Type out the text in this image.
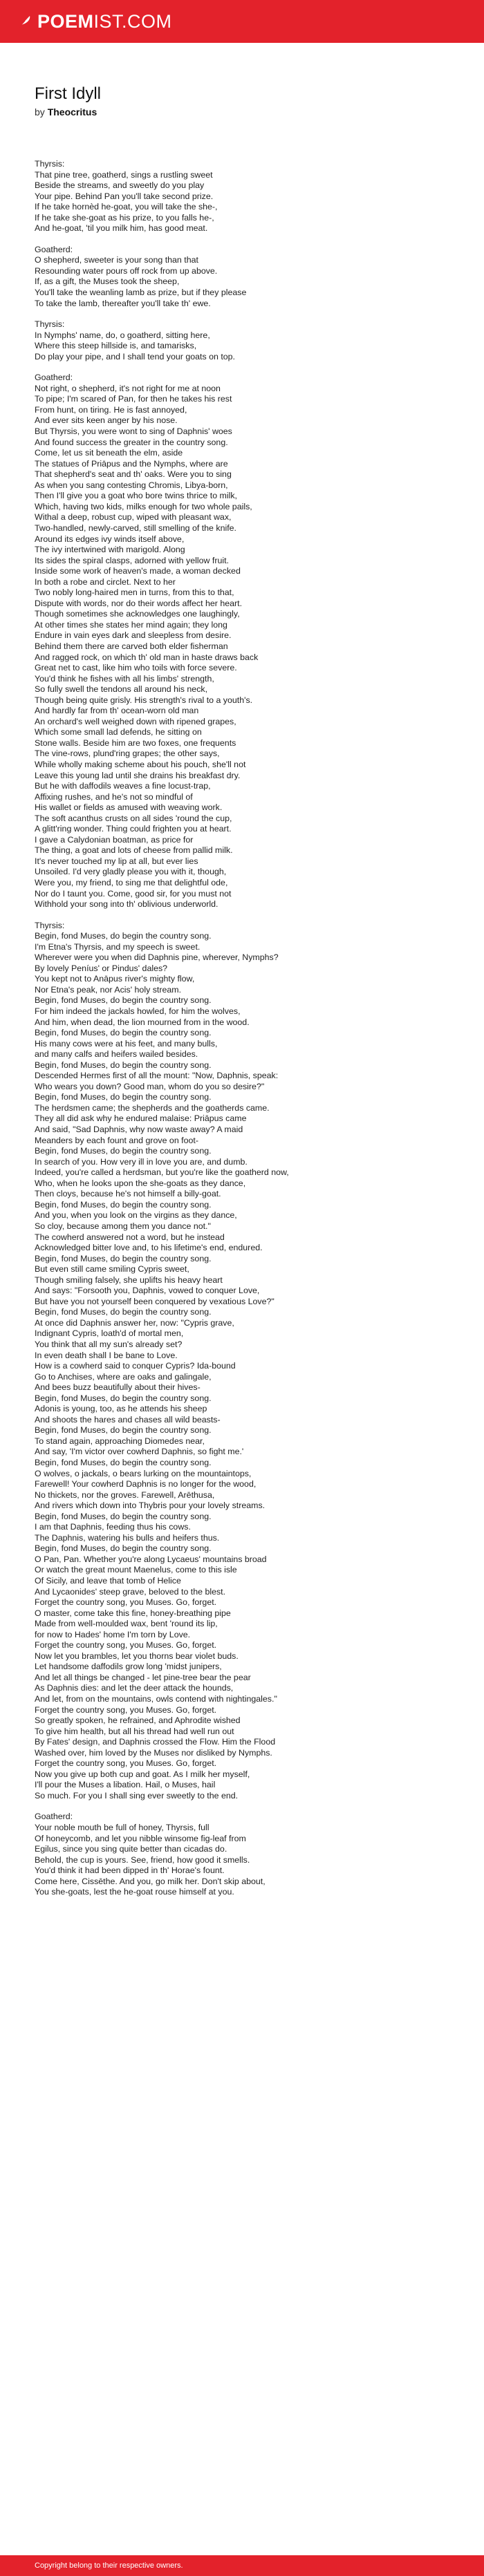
POEMIST.COM
First Idyll
by Theocritus
Thyrsis:
That pine tree, goatherd, sings a rustling sweet
Beside the streams, and sweetly do you play
Your pipe. Behind Pan you'll take second prize.
If he take hornèd he-goat, you will take the she-,
If he take she-goat as his prize, to you falls he-,
And he-goat, 'til you milk him, has good meat.
Goatherd:
O shepherd, sweeter is your song than that
Resounding water pours off rock from up above.
If, as a gift, the Muses took the sheep,
You'll take the weanling lamb as prize, but if they please
To take the lamb, thereafter you'll take th' ewe.
Thyrsis:
In Nymphs' name, do, o goatherd, sitting here,
Where this steep hillside is, and tamarisks,
Do play your pipe, and I shall tend your goats on top.
Goatherd:
Not right, o shepherd, it's not right for me at noon
To pipe; I'm scared of Pan, for then he takes his rest
From hunt, on tiring. He is fast annoyed,
And ever sits keen anger by his nose.
But Thyrsis, you were wont to sing of Daphnis' woes
And found success the greater in the country song.
Come, let us sit beneath the elm, aside
The statues of Priāpus and the Nymphs, where are
That shepherd's seat and th' oaks. Were you to sing
As when you sang contesting Chromis, Libya-born,
Then I'll give you a goat who bore twins thrice to milk,
Which, having two kids, milks enough for two whole pails,
Withal a deep, robust cup, wiped with pleasant wax,
Two-handled, newly-carved, still smelling of the knife.
Around its edges ivy winds itself above,
The ivy intertwined with marigold. Along
Its sides the spiral clasps, adorned with yellow fruit.
Inside some work of heaven's made, a woman decked
In both a robe and circlet. Next to her
Two nobly long-haired men in turns, from this to that,
Dispute with words, nor do their words affect her heart.
Though sometimes she acknowledges one laughingly,
At other times she states her mind again; they long
Endure in vain eyes dark and sleepless from desire.
Behind them there are carved both elder fisherman
And ragged rock, on which th' old man in haste draws back
Great net to cast, like him who toils with force severe.
You'd think he fishes with all his limbs' strength,
So fully swell the tendons all around his neck,
Though being quite grisly. His strength's rival to a youth's.
And hardly far from th' ocean-worn old man
An orchard's well weighed down with ripened grapes,
Which some small lad defends, he sitting on
Stone walls. Beside him are two foxes, one frequents
The vine-rows, plund'ring grapes; the other says,
While wholly making scheme about his pouch, she'll not
Leave this young lad until she drains his breakfast dry.
But he with daffodils weaves a fine locust-trap,
Affixing rushes, and he's not so mindful of
His wallet or fields as amused with weaving work.
The soft acanthus crusts on all sides 'round the cup,
A glitt'ring wonder. Thing could frighten you at heart.
I gave a Calydonian boatman, as price for
The thing, a goat and lots of cheese from pallid milk.
It's never touched my lip at all, but ever lies
Unsoiled. I'd very gladly please you with it, though,
Were you, my friend, to sing me that delightful ode,
Nor do I taunt you. Come, good sir, for you must not
Withhold your song into th' oblivious underworld.
Thyrsis:
Begin, fond Muses, do begin the country song.
I'm Etna's Thyrsis, and my speech is sweet.
Wherever were you when did Daphnis pine, wherever, Nymphs?
By lovely Peníus' or Pindus' dales?
You kept not to Anāpus river's mighty flow,
Nor Etna's peak, nor Acis' holy stream.
Begin, fond Muses, do begin the country song.
For him indeed the jackals howled, for him the wolves,
And him, when dead, the lion mourned from in the wood.
Begin, fond Muses, do begin the country song.
His many cows were at his feet, and many bulls,
and many calfs and heifers wailed besides.
Begin, fond Muses, do begin the country song.
Descended Hermes first of all the mount: "Now, Daphnis, speak:
Who wears you down? Good man, whom do you so desire?"
Begin, fond Muses, do begin the country song.
The herdsmen came; the shepherds and the goatherds came.
They all did ask why he endured malaise: Priāpus came
And said, "Sad Daphnis, why now waste away? A maid
Meanders by each fount and grove on foot-
Begin, fond Muses, do begin the country song.
In search of you. How very ill in love you are, and dumb.
Indeed, you're called a herdsman, but you're like the goatherd now,
Who, when he looks upon the she-goats as they dance,
Then cloys, because he's not himself a billy-goat.
Begin, fond Muses, do begin the country song.
And you, when you look on the virgins as they dance,
So cloy, because among them you dance not."
The cowherd answered not a word, but he instead
Acknowledged bitter love and, to his lifetime's end, endured.
Begin, fond Muses, do begin the country song.
But even still came smiling Cypris sweet,
Though smiling falsely, she uplifts his heavy heart
And says: "Forsooth you, Daphnis, vowed to conquer Love,
But have you not yourself been conquered by vexatious Love?"
Begin, fond Muses, do begin the country song.
At once did Daphnis answer her, now: "Cypris grave,
Indignant Cypris, loath'd of mortal men,
You think that all my sun's already set?
In even death shall I be bane to Love.
How is a cowherd said to conquer Cypris? Ida-bound
Go to Anchises, where are oaks and galingale,
And bees buzz beautifully about their hives-
Begin, fond Muses, do begin the country song.
Adonis is young, too, as he attends his sheep
And shoots the hares and chases all wild beasts-
Begin, fond Muses, do begin the country song.
To stand again, approaching Diomedes near,
And say, 'I'm victor over cowherd Daphnis, so fight me.'
Begin, fond Muses, do begin the country song.
O wolves, o jackals, o bears lurking on the mountaintops,
Farewell! Your cowherd Daphnis is no longer for the wood,
No thickets, nor the groves. Farewell, Arēthusa,
And rivers which down into Thybris pour your lovely streams.
Begin, fond Muses, do begin the country song.
I am that Daphnis, feeding thus his cows.
The Daphnis, watering his bulls and heifers thus.
Begin, fond Muses, do begin the country song.
O Pan, Pan. Whether you're along Lycaeus' mountains broad
Or watch the great mount Maenelus, come to this isle
Of Sicily, and leave that tomb of Helice
And Lycaonides' steep grave, beloved to the blest.
Forget the country song, you Muses. Go, forget.
O master, come take this fine, honey-breathing pipe
Made from well-moulded wax, bent 'round its lip,
for now to Hades' home I'm torn by Love.
Forget the country song, you Muses. Go, forget.
Now let you brambles, let you thorns bear violet buds.
Let handsome daffodils grow long 'midst junipers,
And let all things be changed - let pine-tree bear the pear
As Daphnis dies: and let the deer attack the hounds,
And let, from on the mountains, owls contend with nightingales."
Forget the country song, you Muses. Go, forget.
So greatly spoken, he refrained, and Aphrodite wished
To give him health, but all his thread had well run out
By Fates' design, and Daphnis crossed the Flow. Him the Flood
Washed over, him loved by the Muses nor disliked by Nymphs.
Forget the country song, you Muses. Go, forget.
Now you give up both cup and goat. As I milk her myself,
I'll pour the Muses a libation. Hail, o Muses, hail
So much. For you I shall sing ever sweetly to the end.
Goatherd:
Your noble mouth be full of honey, Thyrsis, full
Of honeycomb, and let you nibble winsome fig-leaf from
Egilus, since you sing quite better than cicadas do.
Behold, the cup is yours. See, friend, how good it smells.
You'd think it had been dipped in th' Horae's fount.
Come here, Cissēthe. And you, go milk her. Don't skip about,
You she-goats, lest the he-goat rouse himself at you.
Copyright belong to their respective owners.
